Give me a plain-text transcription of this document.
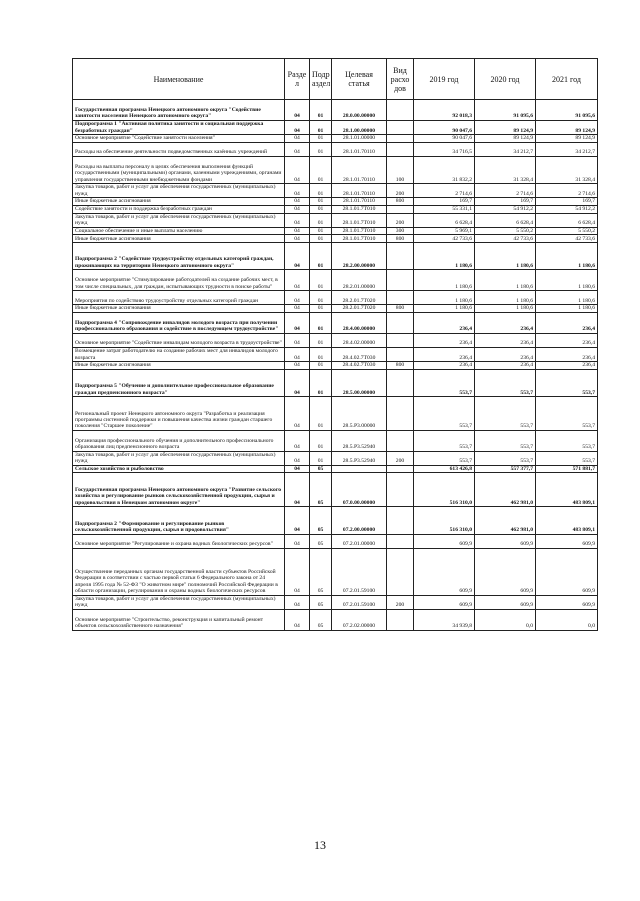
Наименование	Разде л	Подр аздел	Целевая статья	Вид расхо дов	2019 год	2020 год	2021 год
Государственная программа Ненецкого автономного округа "Содействие занятости населения Ненецкого автономного округа"	04	01	28.0.00.00000		92 018,3	91 095,6	91 095,6
Подпрограмма 1 "Активная политика занятости и социальная поддержка безработных граждан"	04	01	28.1.00.00000		90 047,6	89 124,9	89 124,9
Основное мероприятие "Содействие занятости населения"	04	01	28.1.01.00000		90 047,6	89 124,9	89 124,9
Расходы на обеспечение деятельности подведомственных казённых учреждений	04	01	28.1.01.70110		34 716,5	34 212,7	34 212,7
Расходы на выплаты персоналу в целях обеспечения выполнения функций государственными (муниципальными) органами, казенными учреждениями, органами управления государственными внебюджетными фондами	04	01	28.1.01.70110	100	31 832,2	31 328,4	31 328,4
Закупка товаров, работ и услуг для обеспечения государственных (муниципальных) нужд	04	01	28.1.01.70110	200	2 714,6	2 714,6	2 714,6
Иные бюджетные ассигнования	04	01	28.1.01.70110	800	169,7	169,7	169,7
Содействие занятости и поддержка безработных граждан	04	01	28.1.01.7Т010		55 331,1	54 912,2	54 912,2
Закупка товаров, работ и услуг для обеспечения государственных (муниципальных) нужд	04	01	28.1.01.7Т010	200	6 628,4	6 628,4	6 628,4
Социальное обеспечение и иные выплаты населению	04	01	28.1.01.7Т010	300	5 969,1	5 550,2	5 550,2
Иные бюджетные ассигнования	04	01	28.1.01.7Т010	800	42 733,6	42 733,6	42 733,6
Подпрограмма 2 "Содействие трудоустройству отдельных категорий граждан, проживающих на территории Ненецкого автономного округа"	04	01	28.2.00.00000		1 180,6	1 180,6	1 180,6
Основное мероприятие "Стимулирование работодателей на создание рабочих мест, в том числе специальных, для граждан, испытывающих трудности в поиске работы"	04	01	28.2.01.00000		1 180,6	1 180,6	1 180,6
Мероприятия по содействию трудоустройству отдельных категорий граждан	04	01	28.2.01.7Т020		1 180,6	1 180,6	1 180,6
Иные бюджетные ассигнования	04	01	28.2.01.7Т020	800	1 180,6	1 180,6	1 180,6
Подпрограмма 4 "Сопровождение инвалидов молодого возраста при получении профессионального образования и содействие в последующем трудоустройстве"	04	01	28.4.00.00000		236,4	236,4	236,4
Основное мероприятие "Содействие инвалидам молодого возраста в трудоустройстве"	04	01	28.4.02.00000		236,4	236,4	236,4
Возмещение затрат работодателю на создание рабочих мест для инвалидов молодого возраста	04	01	28.4.02.7Т030		236,4	236,4	236,4
Иные бюджетные ассигнования	04	01	28.4.02.7Т030	800	236,4	236,4	236,4
Подпрограмма 5 "Обучение и дополнительное профессиональное образование граждан предпенсионного возраста"	04	01	28.5.00.00000		553,7	553,7	553,7
Региональный проект Ненецкого автономного округа "Разработка и реализация программы системной поддержки и повышения качества жизни граждан старшего поколения "Старшее поколение"	04	01	28.5.P3.00000		553,7	553,7	553,7
Организация профессионального обучения и дополнительного профессионального образования лиц предпенсионного возраста	04	01	28.5.P3.52940		553,7	553,7	553,7
Закупка товаров, работ и услуг для обеспечения государственных (муниципальных) нужд	04	01	28.5.P3.52940	200	553,7	553,7	553,7
Сельское хозяйство и рыболовство	04	05			613 426,8	557 377,7	571 881,7
Государственная программа Ненецкого автономного округа "Развитие сельского хозяйства и регулирование рынков сельскохозяйственной продукции, сырья и продовольствия в Ненецком автономном округе"	04	05	07.0.00.00000		516 310,0	462 981,0	483 809,1
Подпрограмма 2 "Формирование и регулирование рынков сельскохозяйственной продукции, сырья и продовольствия"	04	05	07.2.00.00000		516 310,0	462 981,0	483 809,1
Основное мероприятие "Регулирование и охрана водных биологических ресурсов"	04	05	07.2.01.00000		609,9	609,9	609,9
Осуществление переданных органам государственной власти субъектов Российской Федерации в соответствии с частью первой статьи 6 Федерального закона от 24 апреля 1995 года № 52-ФЗ "О животном мире" полномочий Российской Федерации в области организации, регулирования и охраны водных биологических ресурсов	04	05	07.2.01.59100		609,9	609,9	609,9
Закупка товаров, работ и услуг для обеспечения государственных (муниципальных) нужд	04	05	07.2.01.59100	200	609,9	609,9	609,9
Основное мероприятие "Строительство, реконструкция и капитальный ремонт объектов сельскохозяйственного назначения"	04	05	07.2.02.00000		34 939,8	0,0	0,0
13
